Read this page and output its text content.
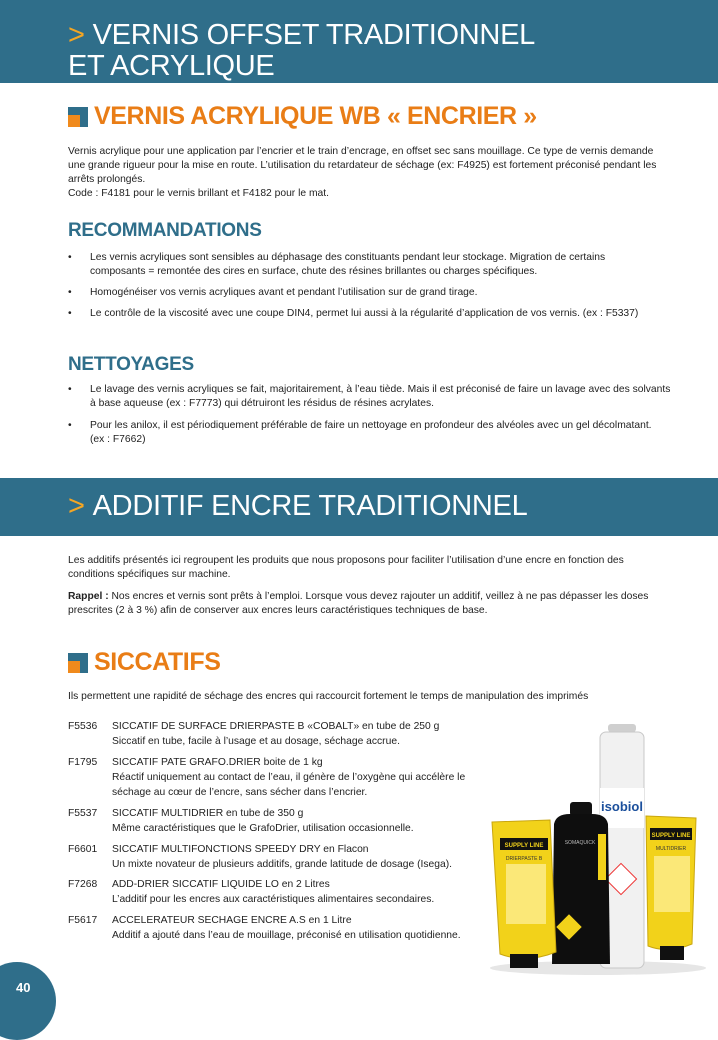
> VERNIS OFFSET TRADITIONNEL
ET ACRYLIQUE
VERNIS ACRYLIQUE WB « ENCRIER »
Vernis acrylique pour une application par l’encrier et le train d’encrage, en offset sec sans mouillage. Ce type de vernis demande
une grande rigueur pour la mise en route. L’utilisation du retardateur de séchage (ex: F4925) est fortement préconisé pendant les
arrêts prolongés.
Code : F4181 pour le vernis brillant et F4182 pour le mat.
RECOMMANDATIONS
• Les vernis acryliques sont sensibles au déphasage des constituants pendant leur stockage. Migration de certains
composants = remontée des cires en surface, chute des résines brillantes ou charges spécifiques.
• Homogénéiser vos vernis acryliques avant et pendant l’utilisation sur de grand tirage.
• Le contrôle de la viscosité avec une coupe DIN4, permet lui aussi à la régularité d’application de vos vernis. (ex : F5337)
NETTOYAGES
• Le lavage des vernis acryliques se fait, majoritairement, à l’eau tiède. Mais il est préconisé de faire un lavage avec des solvants
à base aqueuse (ex : F7773) qui détruiront les résidus de résines acrylates.
• Pour les anilox, il est périodiquement préférable de faire un nettoyage en profondeur des alvéoles avec un gel décolmatant.
(ex : F7662)
> ADDITIF ENCRE TRADITIONNEL
Les additifs présentés ici regroupent les produits que nous proposons pour faciliter l’utilisation d’une encre en fonction des
conditions spécifiques sur machine.
Rappel : Nos encres et vernis sont prêts à l’emploi. Lorsque vous devez rajouter un additif, veillez à ne pas dépasser les doses
prescrites (2 à 3 %) afin de conserver aux encres leurs caractéristiques techniques de base.
SICCATIFS
Ils permettent une rapidité de séchage des encres qui raccourcit fortement le temps de manipulation des imprimés
F5536 SICCATIF DE SURFACE DRIERPASTE B «COBALT» en tube de 250 g
Siccatif en tube, facile à l’usage et au dosage, séchage accrue.
F1795 SICCATIF PATE GRAFO.DRIER boite de 1 kg
Réactif uniquement au contact de l’eau, il génère de l’oxygène qui accélère le
séchage au cœur de l’encre, sans sécher dans l’encrier.
F5537 SICCATIF MULTIDRIER en tube de 350 g
Même caractéristiques que le GrafoDrier, utilisation occasionnelle.
F6601 SICCATIF MULTIFONCTIONS SPEEDY DRY en Flacon
Un mixte novateur de plusieurs additifs, grande latitude de dosage (Isega).
F7268 ADD-DRIER SICCATIF LIQUIDE LO en 2 Litres
L’additif pour les encres aux caractéristiques alimentaires secondaires.
F5617 ACCELERATEUR SECHAGE ENCRE A.S en 1 Litre
Additif a ajouté dans l’eau de mouillage, préconisé en utilisation quotidienne.
isobiol
SOMAQUICK
SUPPLY LINE
DRIERPASTE B
SUPPLY LINE
MULTIDRIER
40
